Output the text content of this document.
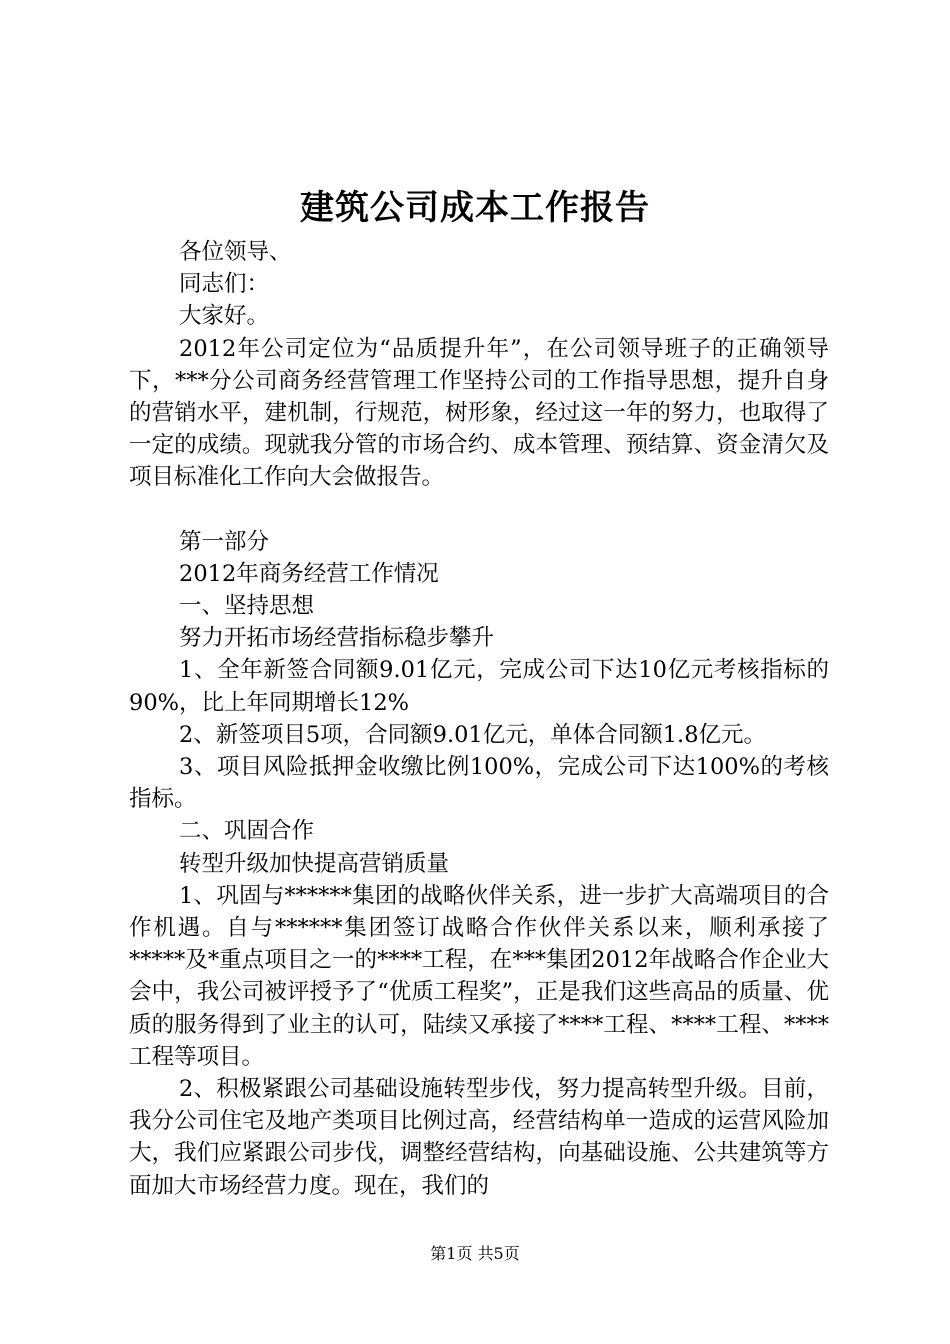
建筑公司成本工作报告

各位领导、

同志们：

大家好。

2012年公司定位为“品质提升年”，在公司领导班子的正确领导下，***分公司商务经营管理工作坚持公司的工作指导思想，提升自身的营销水平，建机制，行规范，树形象，经过这一年的努力，也取得了一定的成绩。现就我分管的市场合约、成本管理、预结算、资金清欠及项目标准化工作向大会做报告。

第一部分

2012年商务经营工作情况

一、坚持思想

努力开拓市场经营指标稳步攀升

1、全年新签合同额9.01亿元，完成公司下达10亿元考核指标的90%，比上年同期增长12%

2、新签项目5项，合同额9.01亿元，单体合同额1.8亿元。

3、项目风险抵押金收缴比例100%，完成公司下达100%的考核指标。

二、巩固合作

转型升级加快提高营销质量

1、巩固与******集团的战略伙伴关系，进一步扩大高端项目的合作机遇。自与******集团签订战略合作伙伴关系以来，顺利承接了*****及*重点项目之一的****工程，在***集团2012年战略合作企业大会中，我公司被评授予了“优质工程奖”，正是我们这些高品的质量、优质的服务得到了业主的认可，陆续又承接了****工程、****工程、****工程等项目。

2、积极紧跟公司基础设施转型步伐，努力提高转型升级。目前，我分公司住宅及地产类项目比例过高，经营结构单一造成的运营风险加大，我们应紧跟公司步伐，调整经营结构，向基础设施、公共建筑等方面加大市场经营力度。现在，我们的

第1页 共5页
